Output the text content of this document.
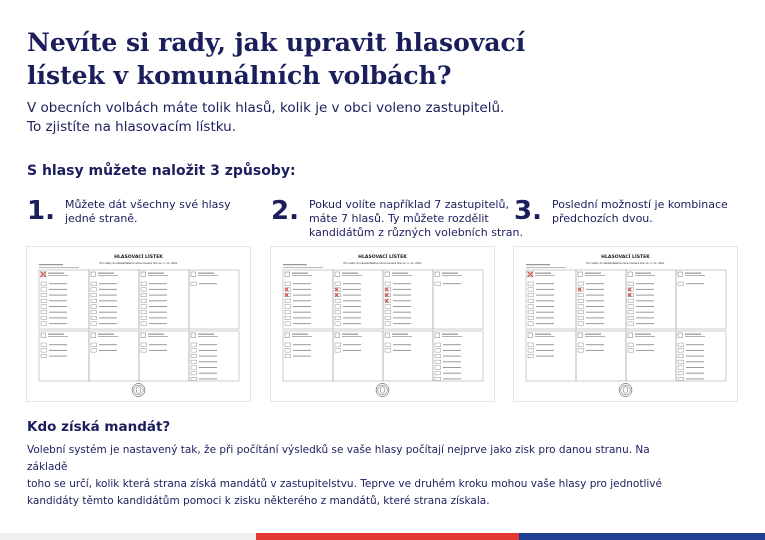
Nevíte si rady, jak upravit hlasovací lístek v komunálních volbách?
V obecních volbách máte tolik hlasů, kolik je v obci voleno zastupitelů.
To zjistíte na hlasovacím lístku.
S hlasy můžete naložit 3 způsoby:
1. Můžete dát všechny své hlasy
jedné straně.	2. Pokud volíte například 7 zastupitelů,
máte 7 hlasů. Ty můžete rozdělit
kandidátům z různých volebních stran.
3. Poslední možností je kombinace
předchozích dvou.
HLASOVACÍ LÍSTEK
Pro volby do zastupitelstva obce konané dne xx. x. xx. 20xx
HLASOVACÍ LÍSTEK
Pro volby do zastupitelstva obce konané dne xx. x. xx. 20xx
HLASOVACÍ LÍSTEK
Pro volby do zastupitelstva obce konané dne xx. x. xx. 20xx
Kdo získá mandát?
Volební systém je nastavený tak, že při počítání výsledků se vaše hlasy počítají nejprve jako zisk pro danou stranu. Na základě
toho se určí, kolik která strana získá mandátů v zastupitelstvu. Teprve ve druhém kroku mohou vaše hlasy pro jednotlivé
kandidáty těmto kandidátům pomoci k zisku některého z mandátů, které strana získala.
